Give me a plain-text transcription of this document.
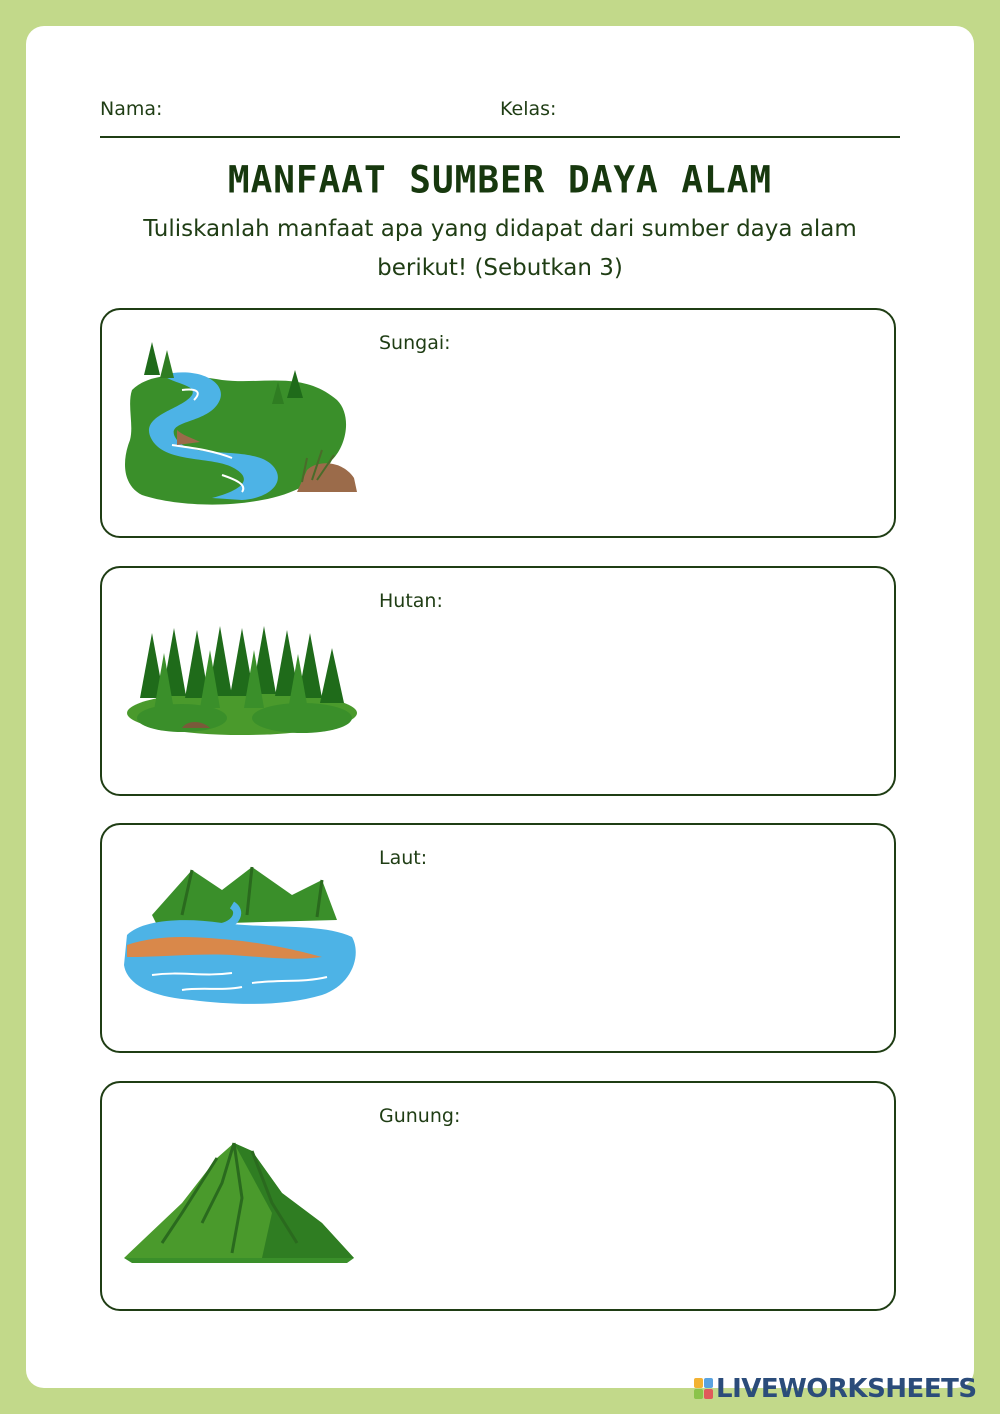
Nama:	Kelas:
MANFAAT SUMBER DAYA ALAM
Tuliskanlah manfaat apa yang didapat dari sumber daya alam berikut! (Sebutkan 3)
Sungai:
Hutan:
Laut:
Gunung:
LIVEWORKSHEETS
